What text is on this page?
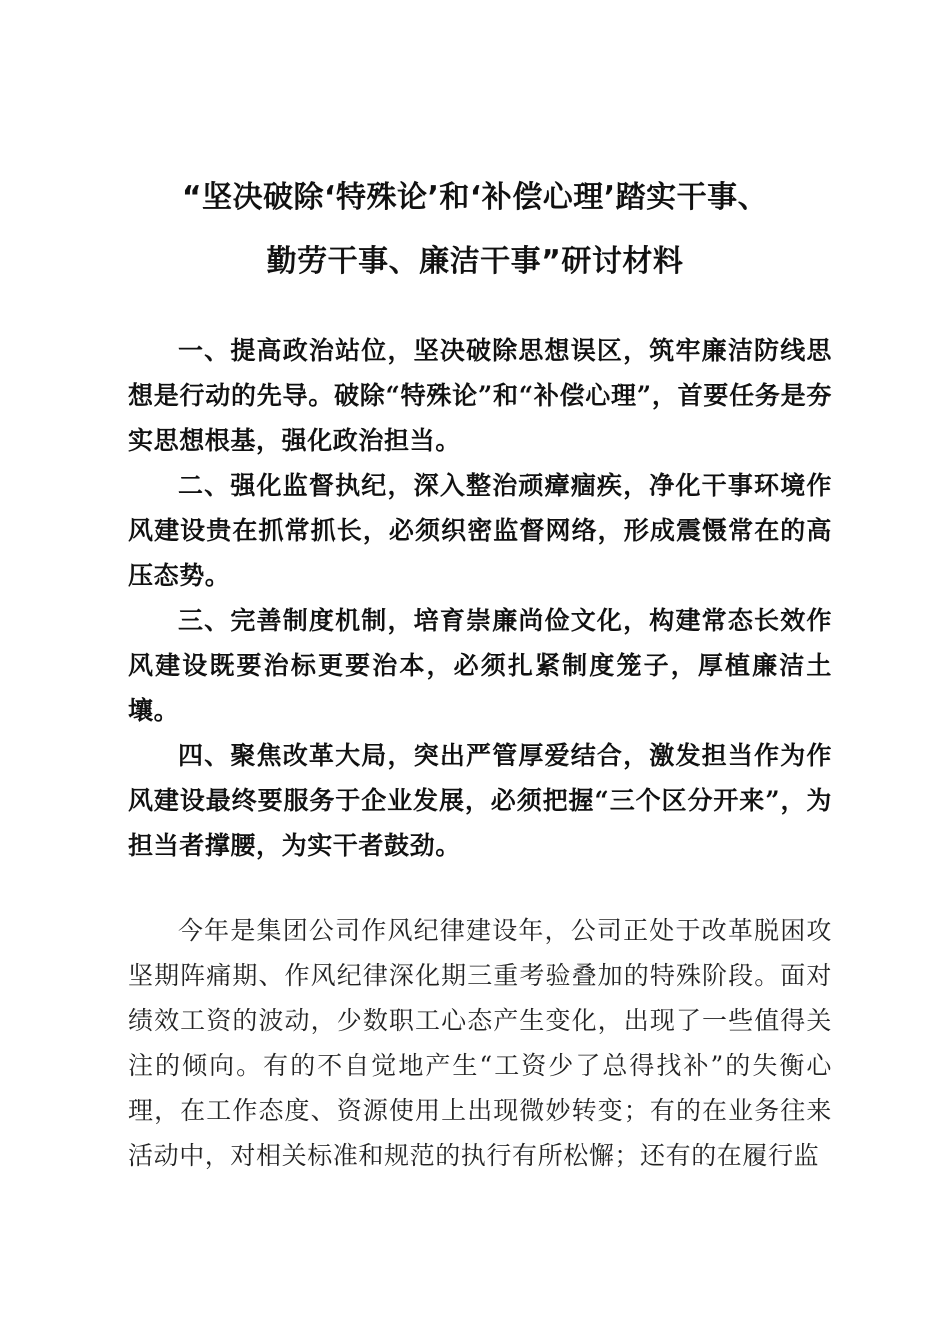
“坚决破除‘特殊论’和‘补偿心理’踏实干事、
勤劳干事、廉洁干事”研讨材料

一、提高政治站位，坚决破除思想误区，筑牢廉洁防线思想是行动的先导。破除“特殊论”和“补偿心理”，首要任务是夯实思想根基，强化政治担当。

二、强化监督执纪，深入整治顽瘴痼疾，净化干事环境作风建设贵在抓常抓长，必须织密监督网络，形成震慑常在的高压态势。

三、完善制度机制，培育崇廉尚俭文化，构建常态长效作风建设既要治标更要治本，必须扎紧制度笼子，厚植廉洁土壤。

四、聚焦改革大局，突出严管厚爱结合，激发担当作为作风建设最终要服务于企业发展，必须把握“三个区分开来”，为担当者撑腰，为实干者鼓劲。

今年是集团公司作风纪律建设年，公司正处于改革脱困攻坚期阵痛期、作风纪律深化期三重考验叠加的特殊阶段。面对绩效工资的波动，少数职工心态产生变化，出现了一些值得关注的倾向。有的不自觉地产生“工资少了总得找补”的失衡心理，在工作态度、资源使用上出现微妙转变；有的在业务往来活动中，对相关标准和规范的执行有所松懈；还有的在履行监
